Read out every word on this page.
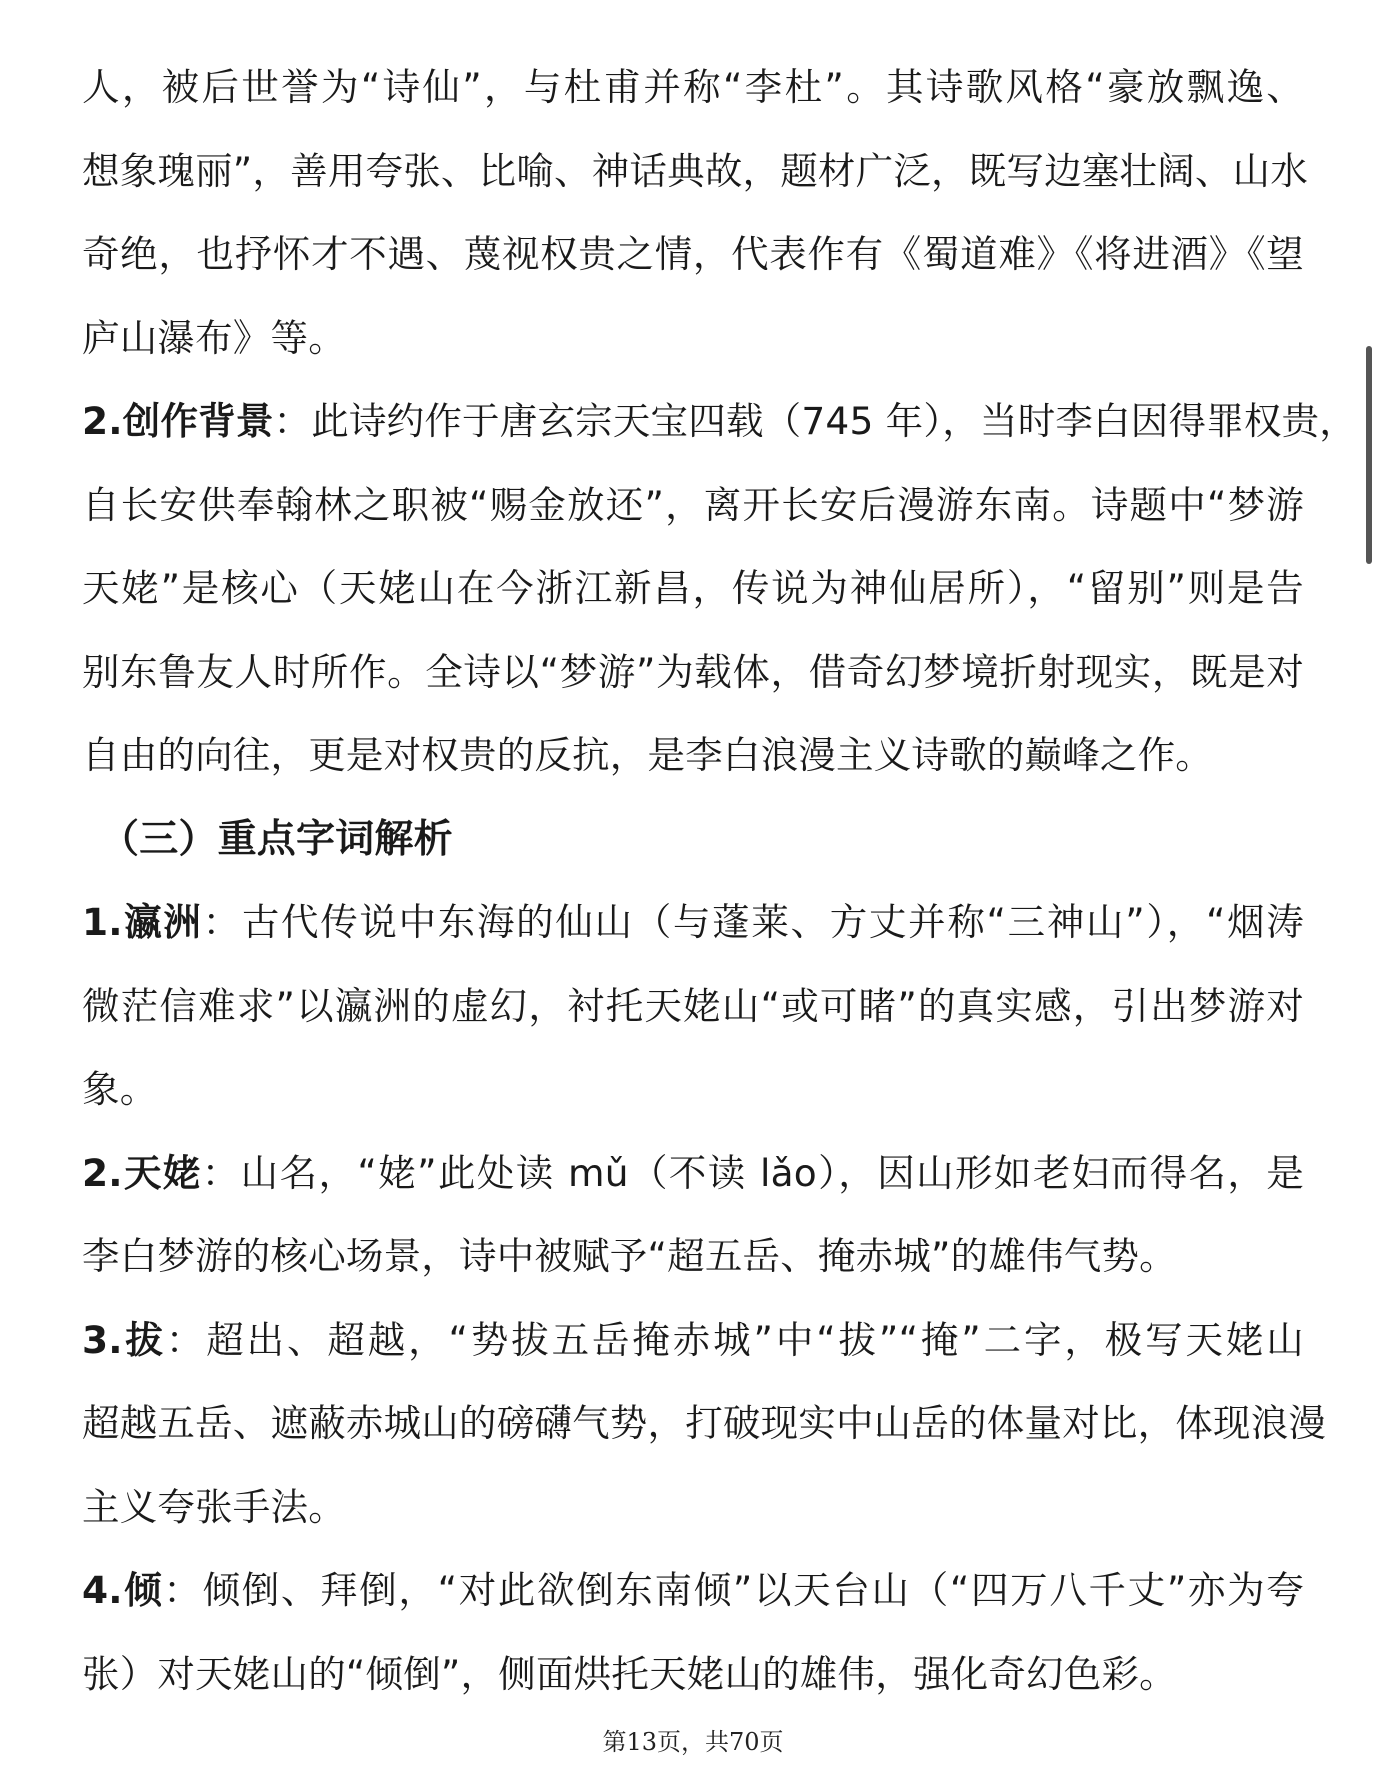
人，被后世誉为“诗仙”，与杜甫并称“李杜”。其诗歌风格“豪放飘逸、
想象瑰丽”，善用夸张、比喻、神话典故，题材广泛，既写边塞壮阔、山水
奇绝，也抒怀才不遇、蔑视权贵之情，代表作有《蜀道难》《将进酒》《望
庐山瀑布》等。
2.创作背景：此诗约作于唐玄宗天宝四载（745 年），当时李白因得罪权贵，
自长安供奉翰林之职被“赐金放还”，离开长安后漫游东南。诗题中“梦游
天姥”是核心（天姥山在今浙江新昌，传说为神仙居所），“留别”则是告
别东鲁友人时所作。全诗以“梦游”为载体，借奇幻梦境折射现实，既是对
自由的向往，更是对权贵的反抗，是李白浪漫主义诗歌的巅峰之作。
（三）重点字词解析
1.瀛洲：古代传说中东海的仙山（与蓬莱、方丈并称“三神山”），“烟涛
微茫信难求”以瀛洲的虚幻，衬托天姥山“或可睹”的真实感，引出梦游对
象。
2.天姥：山名，“姥”此处读 mǔ（不读 lǎo），因山形如老妇而得名，是
李白梦游的核心场景，诗中被赋予“超五岳、掩赤城”的雄伟气势。
3.拔：超出、超越，“势拔五岳掩赤城”中“拔”“掩”二字，极写天姥山
超越五岳、遮蔽赤城山的磅礴气势，打破现实中山岳的体量对比，体现浪漫
主义夸张手法。
4.倾：倾倒、拜倒，“对此欲倒东南倾”以天台山（“四万八千丈”亦为夸
张）对天姥山的“倾倒”，侧面烘托天姥山的雄伟，强化奇幻色彩。
第13页，共70页
